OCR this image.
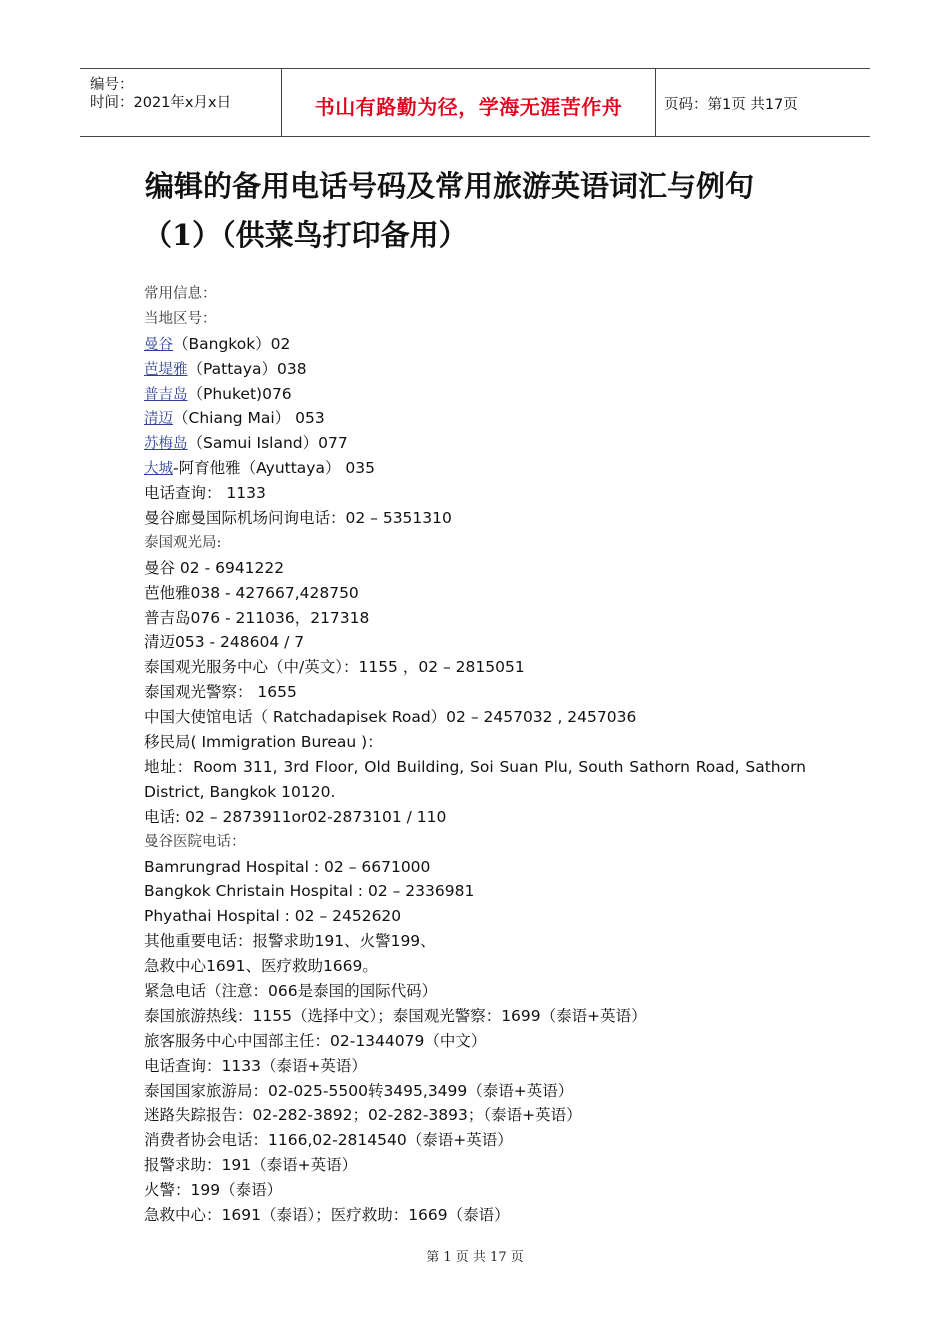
编号：
时间：2021年x月x日	书山有路勤为径，学海无涯苦作舟	页码：第1页 共17页
编辑的备用电话号码及常用旅游英语词汇与例句
（1）（供菜鸟打印备用）
常用信息：
当地区号：
曼谷（Bangkok）02
芭堤雅（Pattaya）038
普吉岛（Phuket)076
清迈（Chiang Mai） 053
苏梅岛（Samui Island）077
大城-阿育他雅（Ayuttaya） 035
电话查询： 1133
曼谷廊曼国际机场问询电话：02 – 5351310
泰国观光局:
曼谷 02 - 6941222
芭他雅038 - 427667,428750
普吉岛076 - 211036，217318
清迈053 - 248604 / 7
泰国观光服务中心（中/英文）：1155 ，02 – 2815051
泰国观光警察： 1655
中国大使馆电话（ Ratchadapisek Road）02 – 2457032 , 2457036
移民局( Immigration Bureau )：
地址：Room 311, 3rd Floor, Old Building, Soi Suan Plu, South Sathorn Road, Sathorn District, Bangkok 10120.
电话: 02 – 2873911or02-2873101 / 110
曼谷医院电话：
Bamrungrad Hospital : 02 – 6671000
Bangkok Christain Hospital : 02 – 2336981
Phyathai Hospital : 02 – 2452620
其他重要电话：报警求助191、火警199、
急救中心1691、医疗救助1669。
紧急电话（注意：066是泰国的国际代码）
泰国旅游热线：1155（选择中文）；泰国观光警察：1699（泰语+英语）
旅客服务中心中国部主任：02-1344079（中文）
电话查询：1133（泰语+英语）
泰国国家旅游局：02-025-5500转3495,3499（泰语+英语）
迷路失踪报告：02-282-3892；02-282-3893；（泰语+英语）
消费者协会电话：1166,02-2814540（泰语+英语）
报警求助：191（泰语+英语）
火警：199（泰语）
急救中心：1691（泰语）；医疗救助：1669（泰语）
第 1 页 共 17 页
